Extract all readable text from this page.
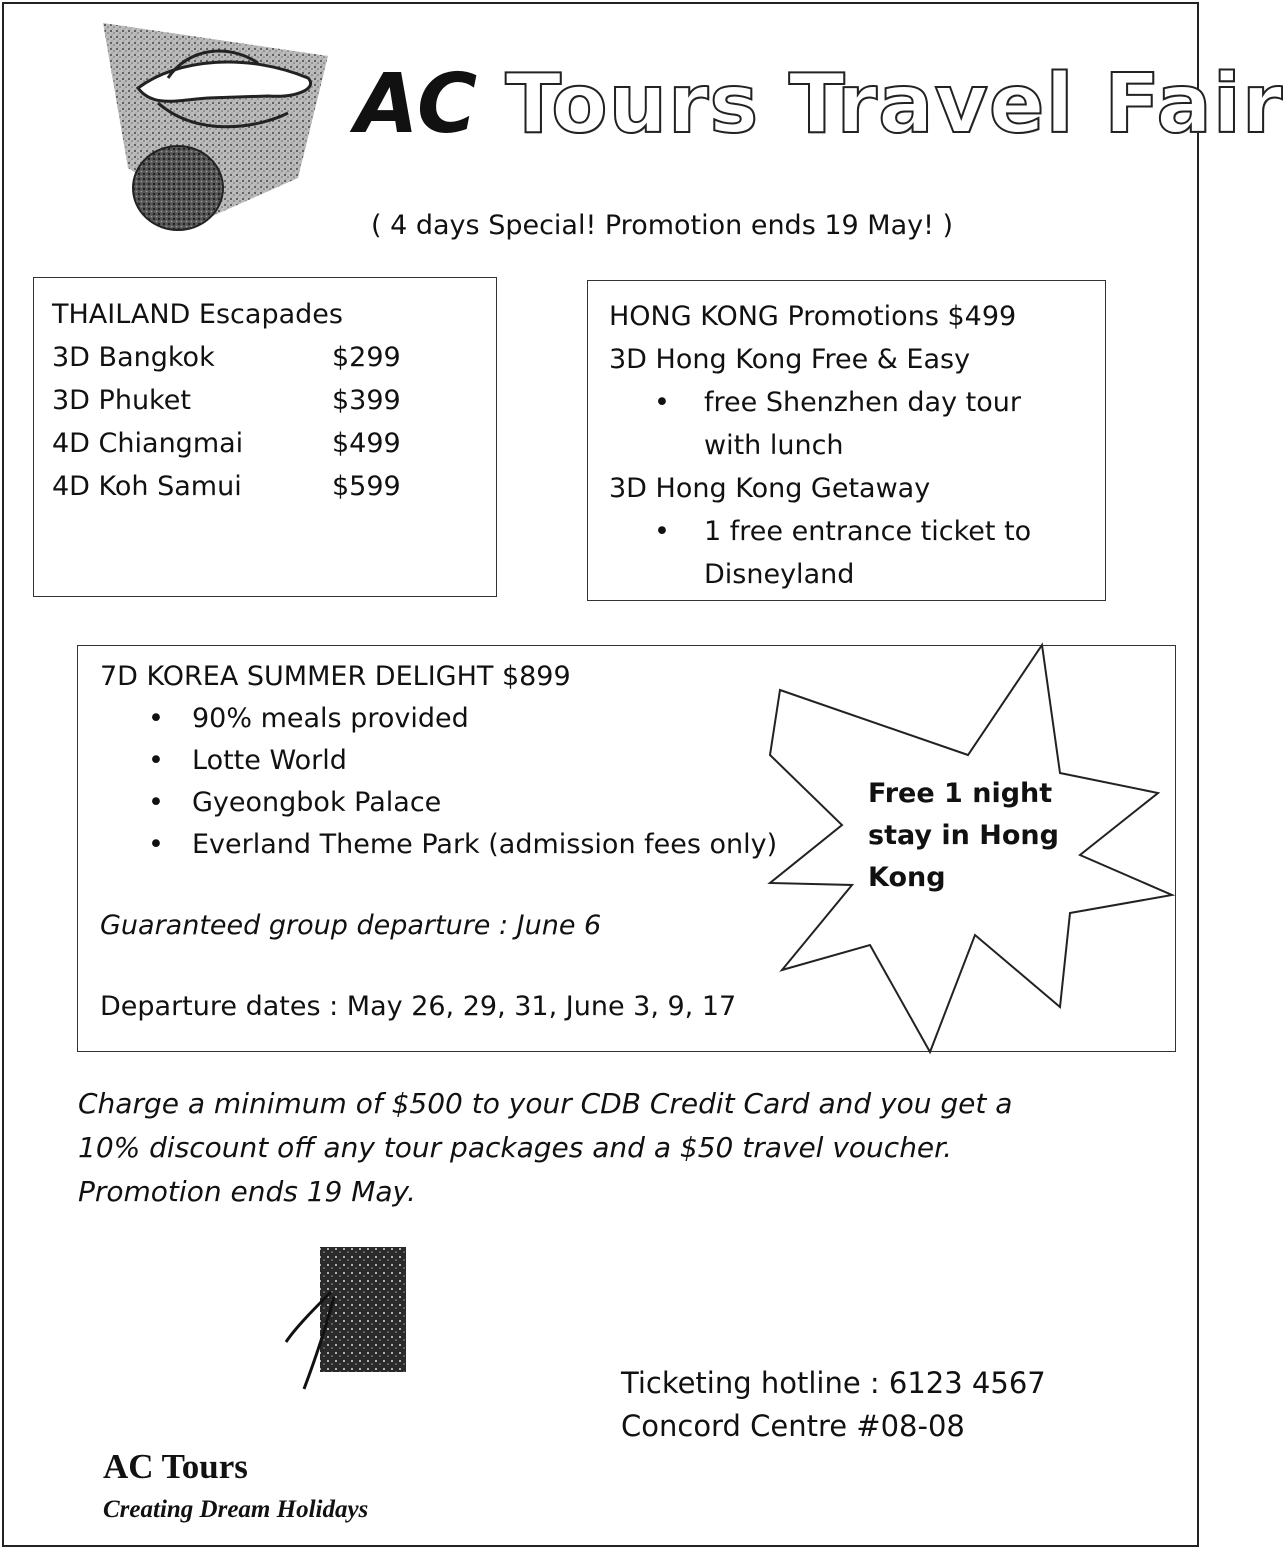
AC Tours Travel Fair
( 4 days Special! Promotion ends 19 May! )
THAILAND Escapades
3D Bangkok	$299
3D Phuket	$399
4D Chiangmai	$499
4D Koh Samui	$599
HONG KONG Promotions $499
3D Hong Kong Free & Easy
• free Shenzhen day tour with lunch
3D Hong Kong Getaway
• 1 free entrance ticket to Disneyland
7D KOREA SUMMER DELIGHT $899
• 90% meals provided
• Lotte World
• Gyeongbok Palace
• Everland Theme Park (admission fees only)
Guaranteed group departure : June 6
Departure dates : May 26, 29, 31, June 3, 9, 17
Free 1 night stay in Hong Kong
Charge a minimum of $500 to your CDB Credit Card and you get a 10% discount off any tour packages and a $50 travel voucher. Promotion ends 19 May.
Ticketing hotline : 6123 4567
Concord Centre #08-08
AC Tours
Creating Dream Holidays
